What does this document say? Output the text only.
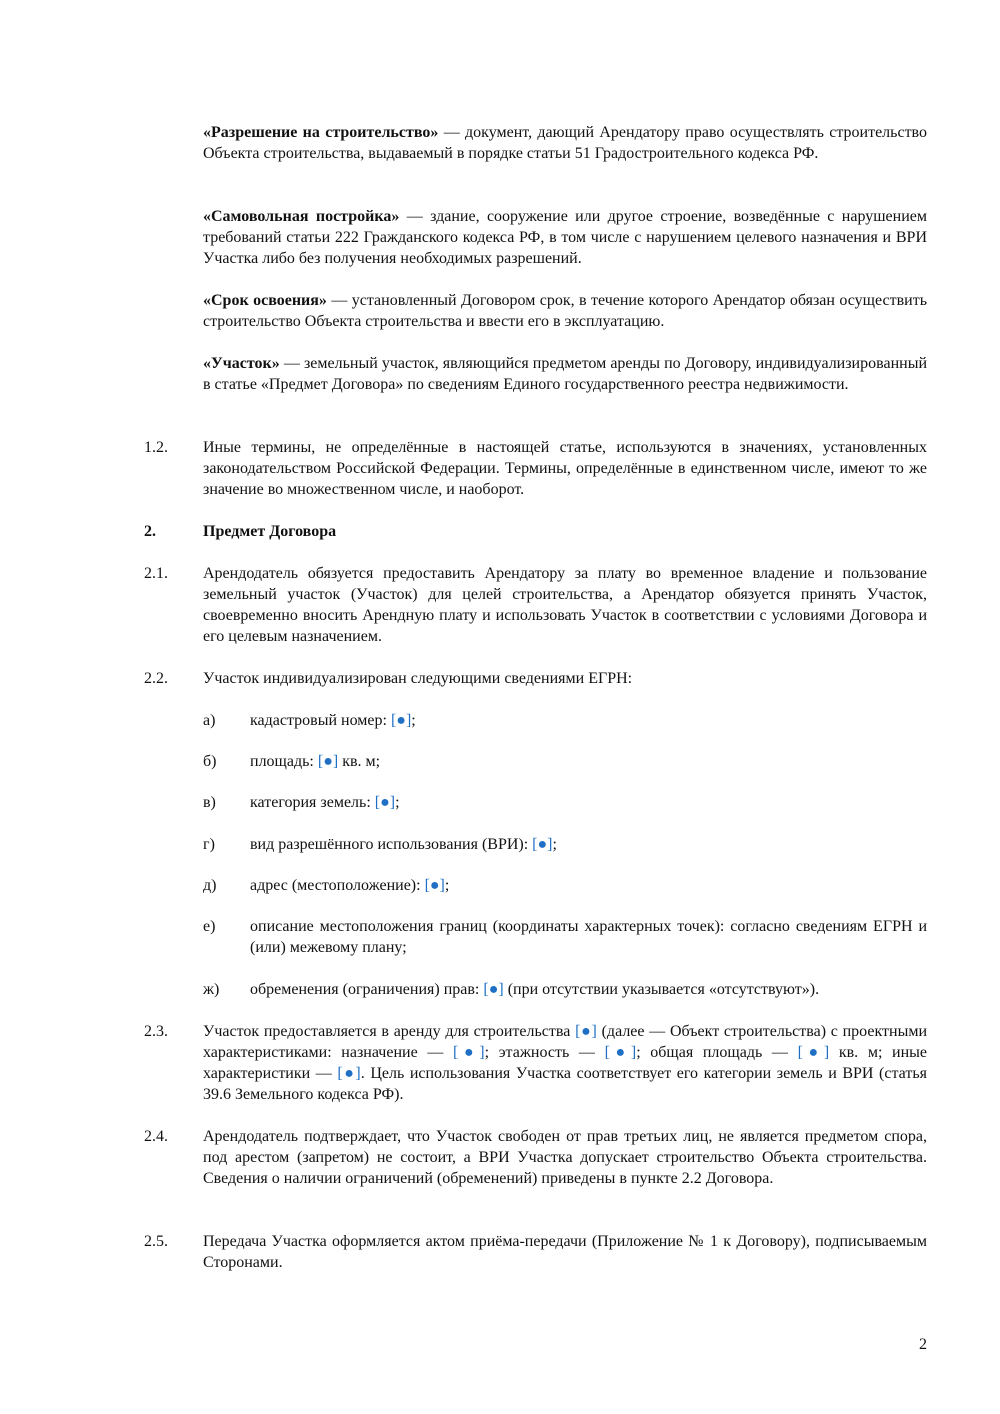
«Разрешение на строительство» — документ, дающий Арендатору право осуществлять строительство Объекта строительства, выдаваемый в порядке статьи 51 Градостроительного кодекса РФ.

«Самовольная постройка» — здание, сооружение или другое строение, возведённые с нарушением требований статьи 222 Гражданского кодекса РФ, в том числе с нарушением целевого назначения и ВРИ Участка либо без получения необходимых разрешений.

«Срок освоения» — установленный Договором срок, в течение которого Арендатор обязан осуществить строительство Объекта строительства и ввести его в эксплуатацию.

«Участок» — земельный участок, являющийся предметом аренды по Договору, индивидуализированный в статье «Предмет Договора» по сведениям Единого государственного реестра недвижимости.

1.2. Иные термины, не определённые в настоящей статье, используются в значениях, установленных законодательством Российской Федерации. Термины, определённые в единственном числе, имеют то же значение во множественном числе, и наоборот.

2.	Предмет Договора

2.1. Арендодатель обязуется предоставить Арендатору за плату во временное владение и пользование земельный участок (Участок) для целей строительства, а Арендатор обязуется принять Участок, своевременно вносить Арендную плату и использовать Участок в соответствии с условиями Договора и его целевым назначением.

2.2. Участок индивидуализирован следующими сведениями ЕГРН:

а) кадастровый номер: [●];

б) площадь: [●] кв. м;

в) категория земель: [●];

г) вид разрешённого использования (ВРИ): [●];

д) адрес (местоположение): [●];

е) описание местоположения границ (координаты характерных точек): согласно сведениям ЕГРН и (или) межевому плану;

ж) обременения (ограничения) прав: [●] (при отсутствии указывается «отсутствуют»).

2.3. Участок предоставляется в аренду для строительства [●] (далее — Объект строительства) с проектными характеристиками: назначение — [●]; этажность — [●]; общая площадь — [●] кв. м; иные характеристики — [●]. Цель использования Участка соответствует его категории земель и ВРИ (статья 39.6 Земельного кодекса РФ).

2.4. Арендодатель подтверждает, что Участок свободен от прав третьих лиц, не является предметом спора, под арестом (запретом) не состоит, а ВРИ Участка допускает строительство Объекта строительства. Сведения о наличии ограничений (обременений) приведены в пункте 2.2 Договора.

2.5. Передача Участка оформляется актом приёма-передачи (Приложение № 1 к Договору), подписываемым Сторонами.

2
